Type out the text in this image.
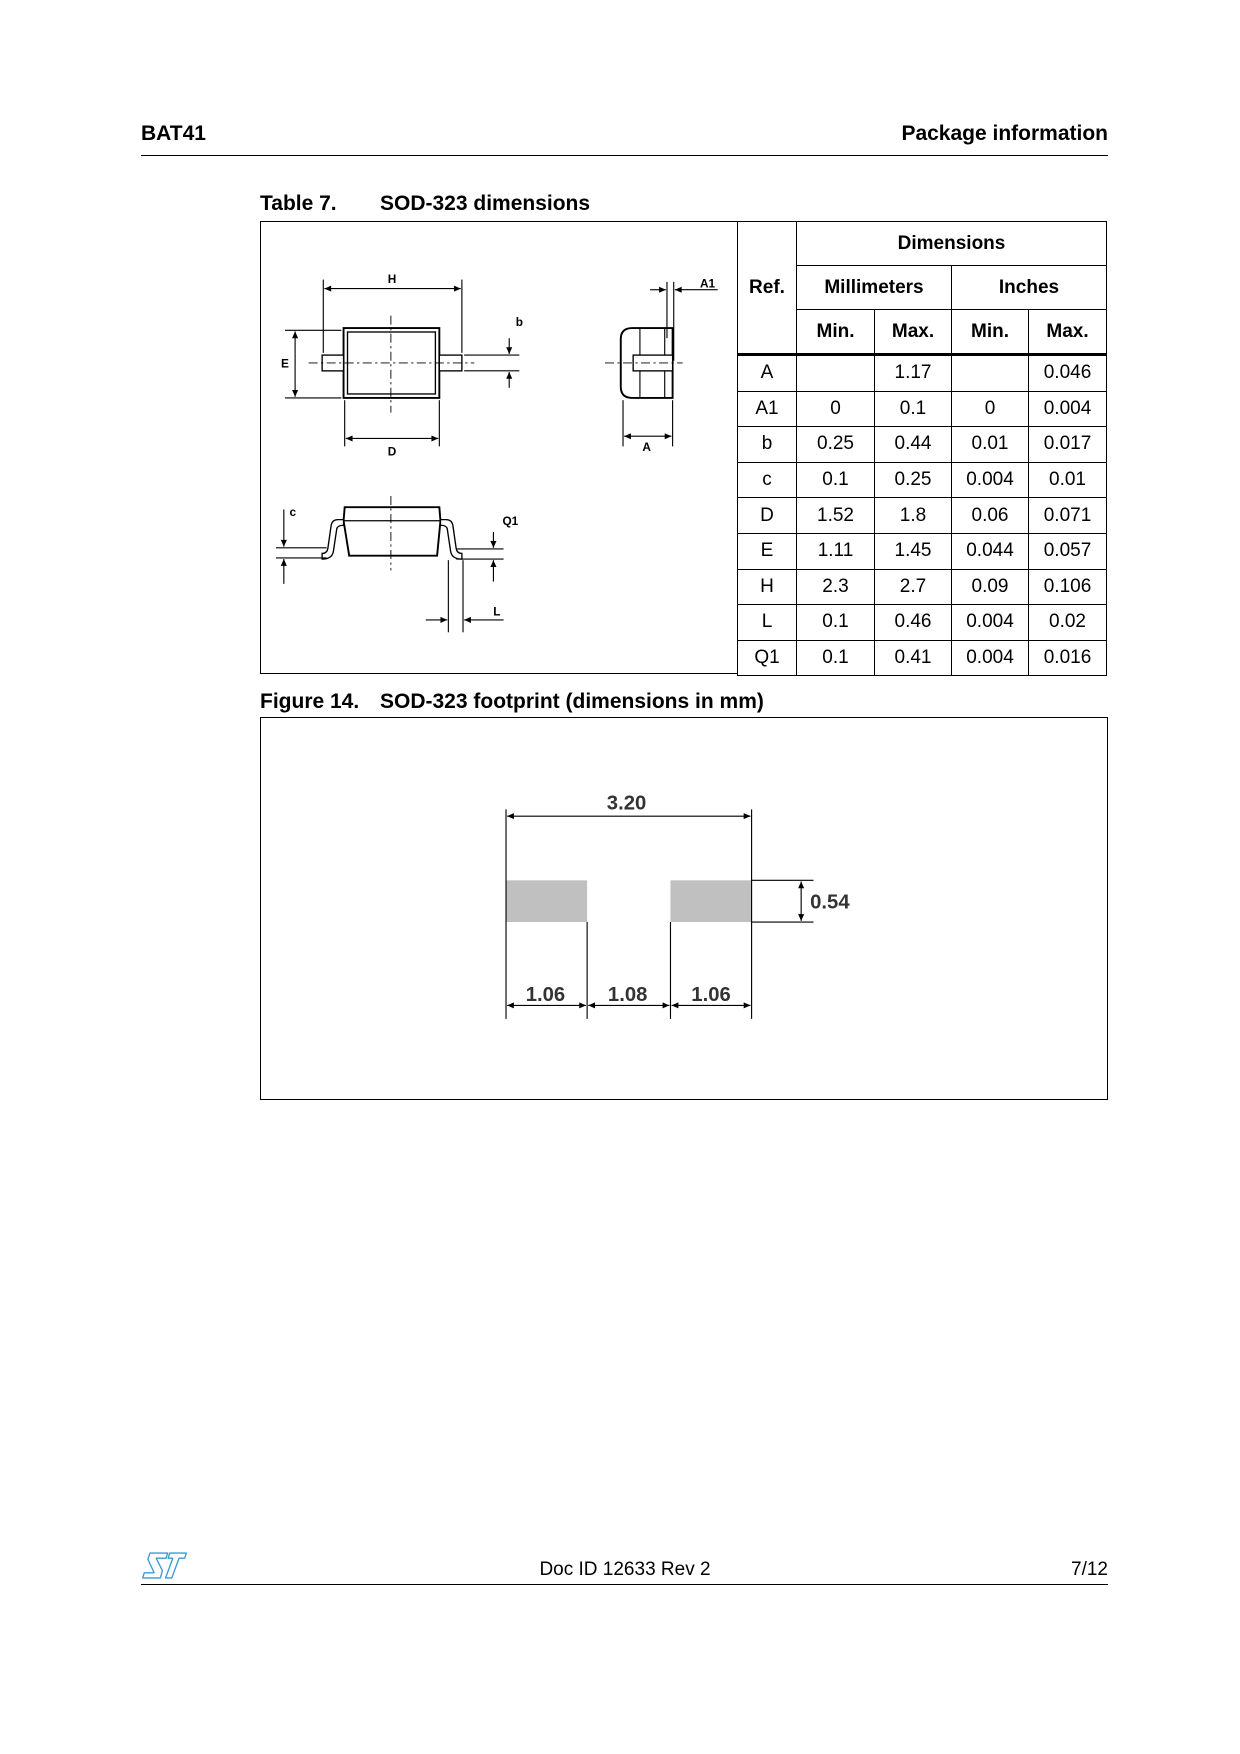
BAT41	Package information
Table 7. SOD-323 dimensions
H
b
E
D	A
A1
c
Q1
L
Ref.	Dimensions			
	Millimeters		Inches	
	Min.	Max.	Min.	Max.
A		1.17		0.046
A1	0	0.1	0	0.004
b	0.25	0.44	0.01	0.017
c	0.1	0.25	0.004	0.01
D	1.52	1.8	0.06	0.071
E	1.11	1.45	0.044	0.057
H	2.3	2.7	0.09	0.106
L	0.1	0.46	0.004	0.02
Q1	0.1	0.41	0.004	0.016
Figure 14. SOD-323 footprint (dimensions in mm)
3.20
0.54
1.06 1.08 1.06
Doc ID 12633 Rev 2	7/12
